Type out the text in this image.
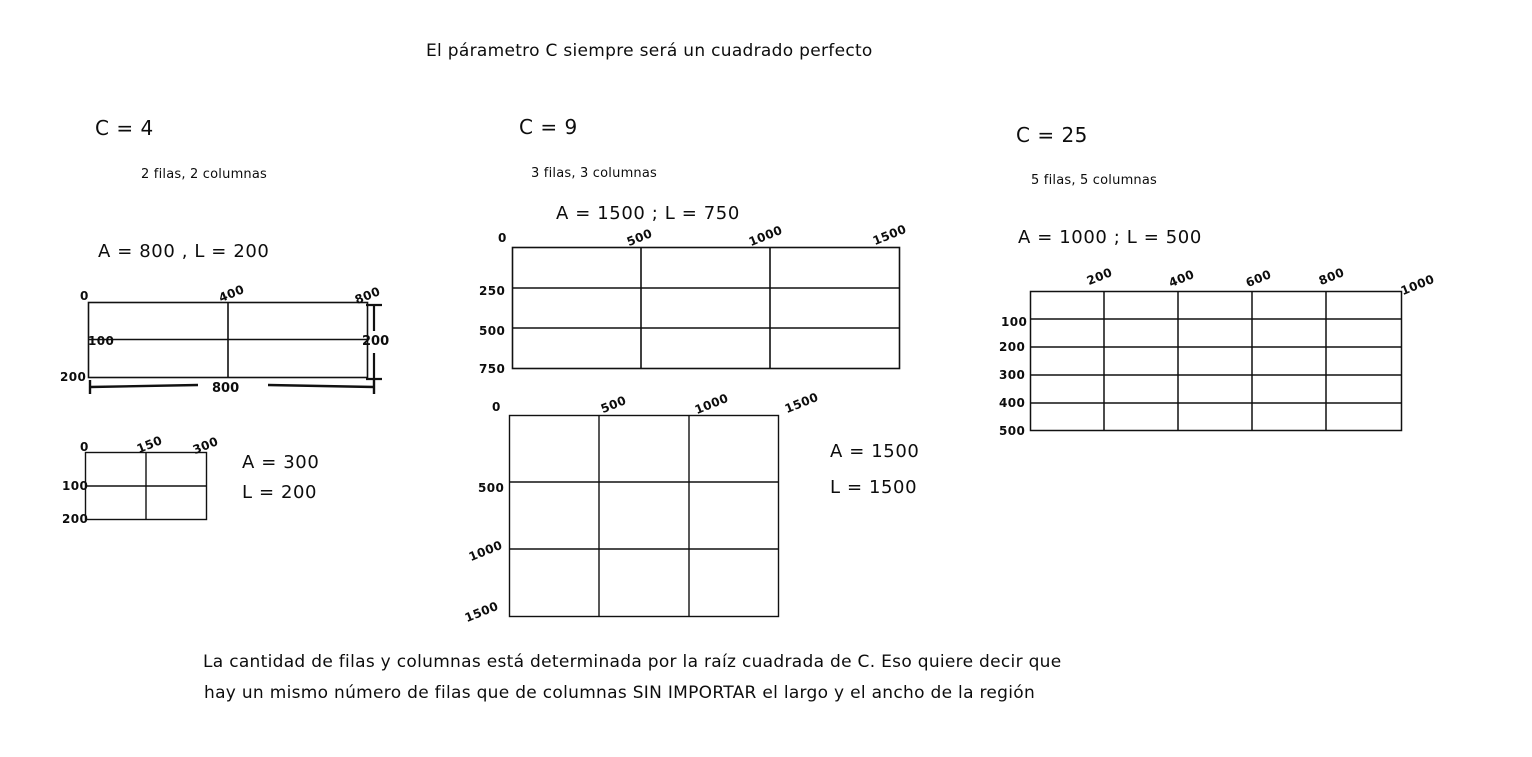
El párametro C siempre será un cuadrado perfecto
C = 4
2 filas, 2 columnas
A = 800 , L = 200
0	400	800
100
200
800
200
0	150 300
100
200
A = 300
L = 200
C = 9
3 filas, 3 columnas
A = 1500 ; L = 750
0	500	1000	1500
250
500
750
0	500	1000	1500
500
1000
1500
A = 1500
L = 1500
C = 25
5 filas, 5 columnas
A = 1000 ; L = 500
200	400	600	800	1000
100
200
300
400
500
La cantidad de filas y columnas está determinada por la raíz cuadrada de C. Eso quiere decir que
hay un mismo número de filas que de columnas SIN IMPORTAR el largo y el ancho de la región
